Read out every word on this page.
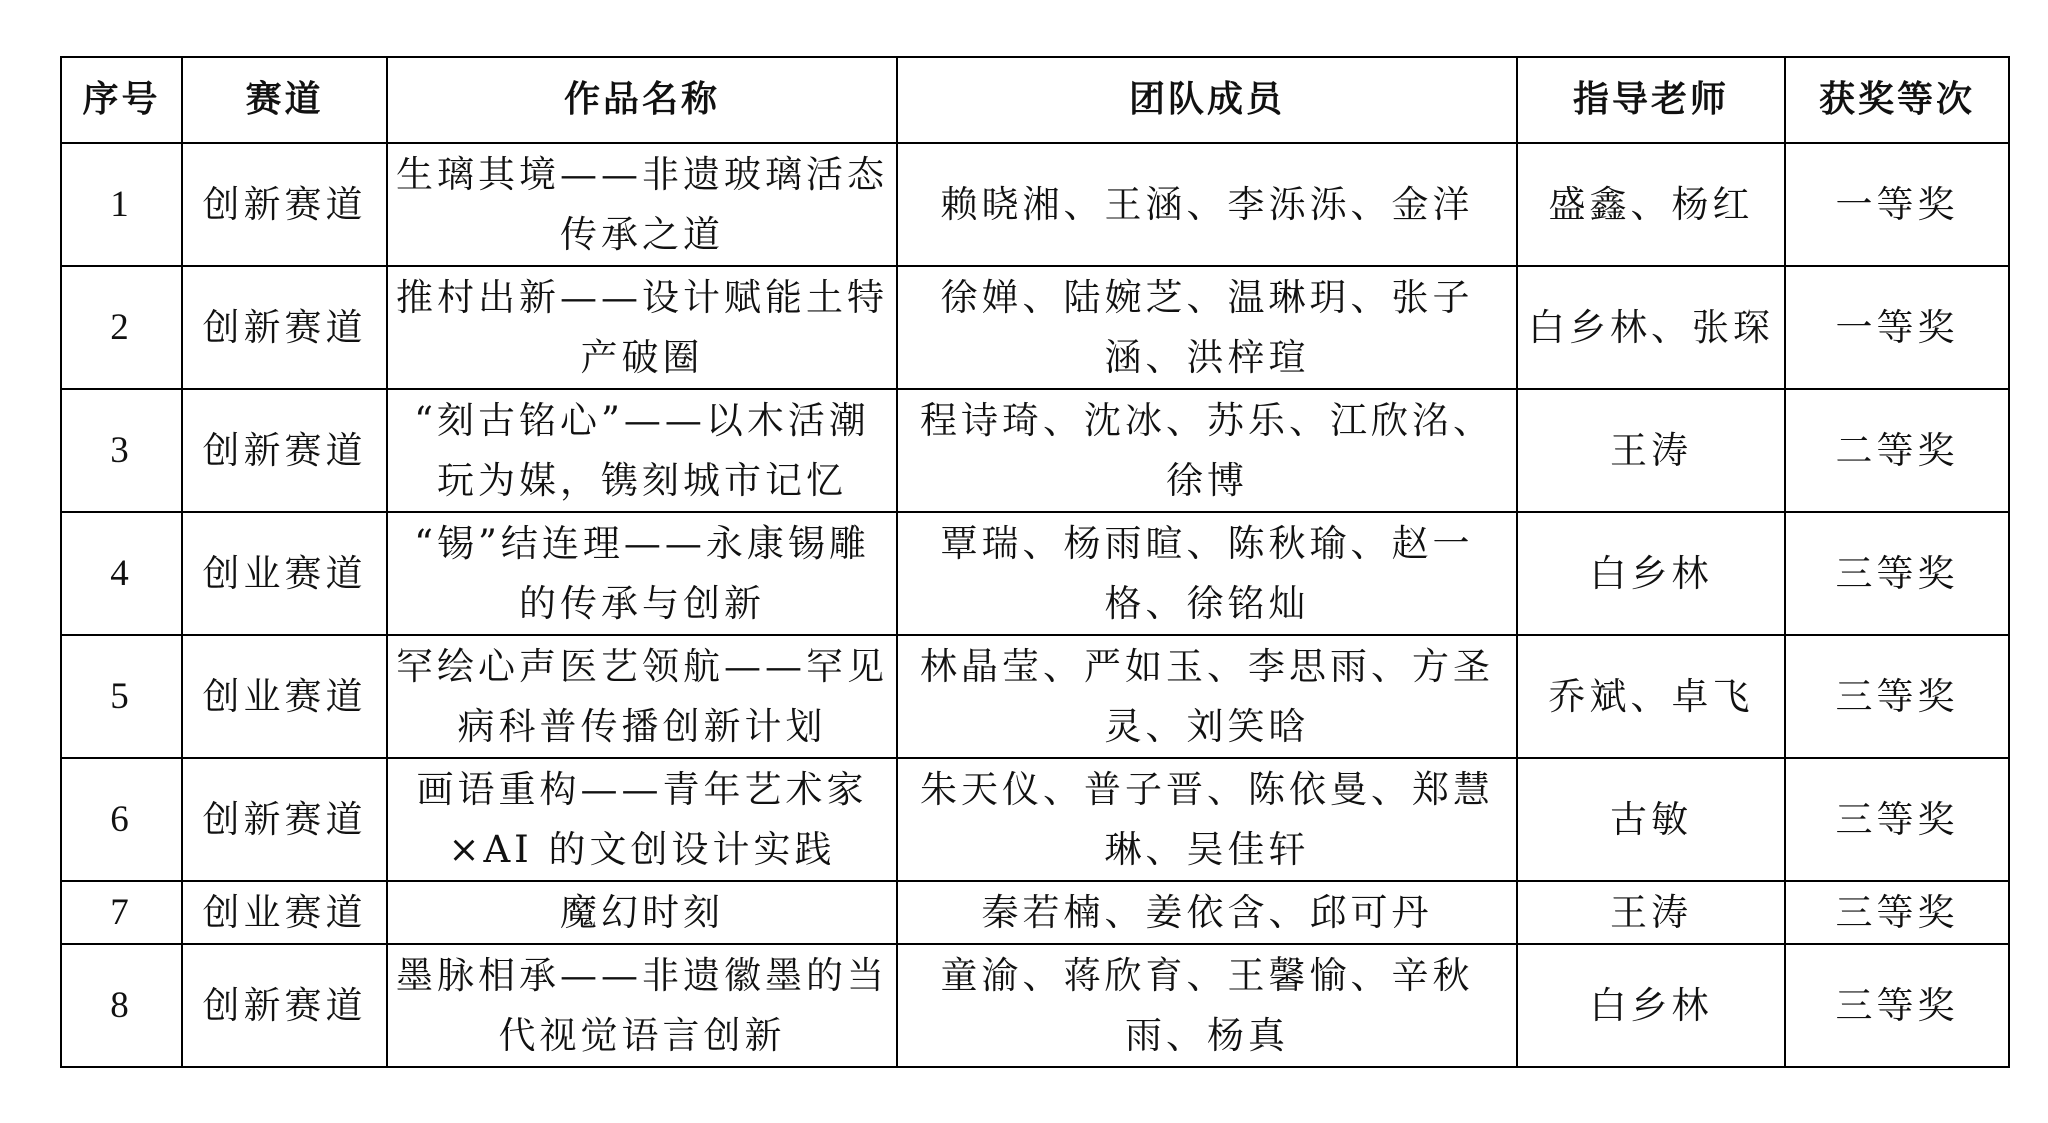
序号	赛道	作品名称	团队成员	指导老师	获奖等次
1	创新赛道	生璃其境——非遗玻璃活态传承之道	赖晓湘、王涵、李泺泺、金洋	盛鑫、杨红	一等奖
2	创新赛道	推村出新——设计赋能土特产破圈	徐婵、陆婉芝、温琳玥、张子涵、洪梓瑄	白乡林、张琛	一等奖
3	创新赛道	“刻古铭心”——以木活潮玩为媒，镌刻城市记忆	程诗琦、沈冰、苏乐、江欣洺、徐博	王涛	二等奖
4	创业赛道	“锡”结连理——永康锡雕的传承与创新	覃瑞、杨雨暄、陈秋瑜、赵一格、徐铭灿	白乡林	三等奖
5	创业赛道	罕绘心声医艺领航——罕见病科普传播创新计划	林晶莹、严如玉、李思雨、方圣灵、刘笑晗	乔斌、卓飞	三等奖
6	创新赛道	画语重构——青年艺术家×AI 的文创设计实践	朱天仪、普子晋、陈依曼、郑慧琳、吴佳轩	古敏	三等奖
7	创业赛道	魔幻时刻	秦若楠、姜依含、邱可丹	王涛	三等奖
8	创新赛道	墨脉相承——非遗徽墨的当代视觉语言创新	童渝、蒋欣育、王馨愉、辛秋雨、杨真	白乡林	三等奖
